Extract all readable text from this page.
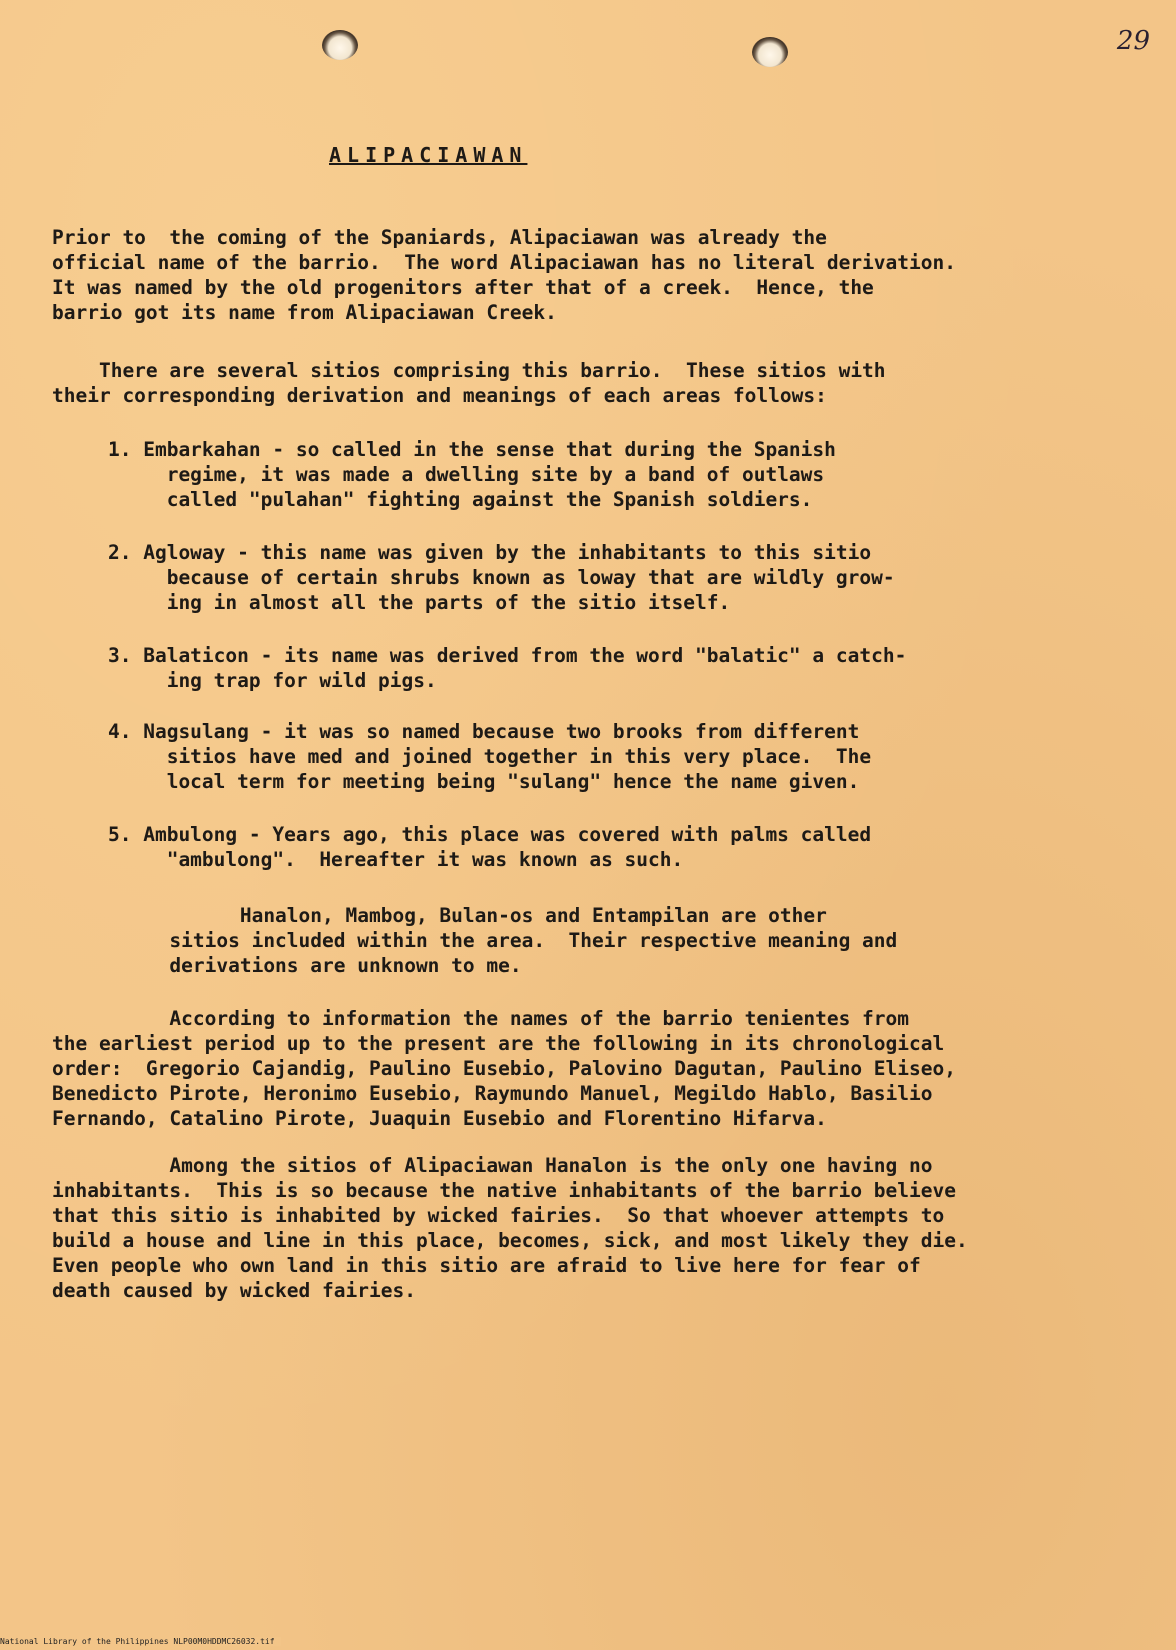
29
ALIPACIAWAN

Prior to  the coming of the Spaniards, Alipaciawan was already the
official name of the barrio.  The word Alipaciawan has no literal derivation.
It was named by the old progenitors after that of a creek.  Hence, the
barrio got its name from Alipaciawan Creek.

There are several sitios comprising this barrio.  These sitios with
their corresponding derivation and meanings of each areas follows:

1. Embarkahan - so called in the sense that during the Spanish
regime, it was made a dwelling site by a band of outlaws
called "pulahan" fighting against the Spanish soldiers.

2. Agloway - this name was given by the inhabitants to this sitio
because of certain shrubs known as loway that are wildly grow-
ing in almost all the parts of the sitio itself.

3. Balaticon - its name was derived from the word "balatic" a catch-
ing trap for wild pigs.

4. Nagsulang - it was so named because two brooks from different
sitios have med and joined together in this very place.  The
local term for meeting being "sulang" hence the name given.

5. Ambulong - Years ago, this place was covered with palms called
"ambulong".  Hereafter it was known as such.

Hanalon, Mambog, Bulan-os and Entampilan are other
sitios included within the area.  Their respective meaning and
derivations are unknown to me.

According to information the names of the barrio tenientes from
the earliest period up to the present are the following in its chronological
order:  Gregorio Cajandig, Paulino Eusebio, Palovino Dagutan, Paulino Eliseo,
Benedicto Pirote, Heronimo Eusebio, Raymundo Manuel, Megildo Hablo, Basilio
Fernando, Catalino Pirote, Juaquin Eusebio and Florentino Hifarva.

Among the sitios of Alipaciawan Hanalon is the only one having no
inhabitants.  This is so because the native inhabitants of the barrio believe
that this sitio is inhabited by wicked fairies.  So that whoever attempts to
build a house and line in this place, becomes, sick, and most likely they die.
Even people who own land in this sitio are afraid to live here for fear of
death caused by wicked fairies.

National Library of the Philippines NLP00M0HDDMC26032.tif
